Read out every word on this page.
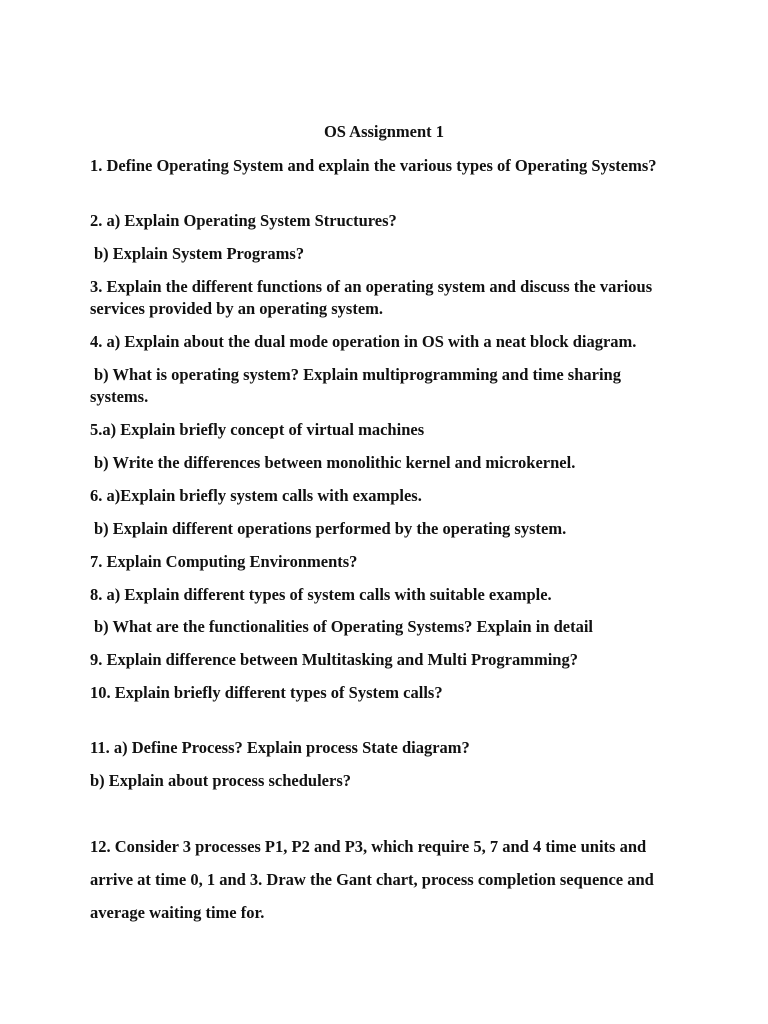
OS Assignment 1

1. Define Operating System and explain the various types of Operating Systems?

2. a) Explain Operating System Structures?

b) Explain System Programs?

3. Explain the different functions of an operating system and discuss the various services provided by an operating system.

4. a) Explain about the dual mode operation in OS with a neat block diagram.

b) What is operating system? Explain multiprogramming and time sharing systems.

5.a) Explain briefly concept of virtual machines

b) Write the differences between monolithic kernel and microkernel.

6. a)Explain briefly system calls with examples.

b) Explain different operations performed by the operating system.

7. Explain Computing Environments?

8. a) Explain different types of system calls with suitable example.

b) What are the functionalities of Operating Systems? Explain in detail

9. Explain difference between Multitasking and Multi Programming?

10. Explain briefly different types of System calls?

11. a) Define Process? Explain process State diagram?

b) Explain about process schedulers?

12. Consider 3 processes P1, P2 and P3, which require 5, 7 and 4 time units and arrive at time 0, 1 and 3. Draw the Gant chart, process completion sequence and average waiting time for.
